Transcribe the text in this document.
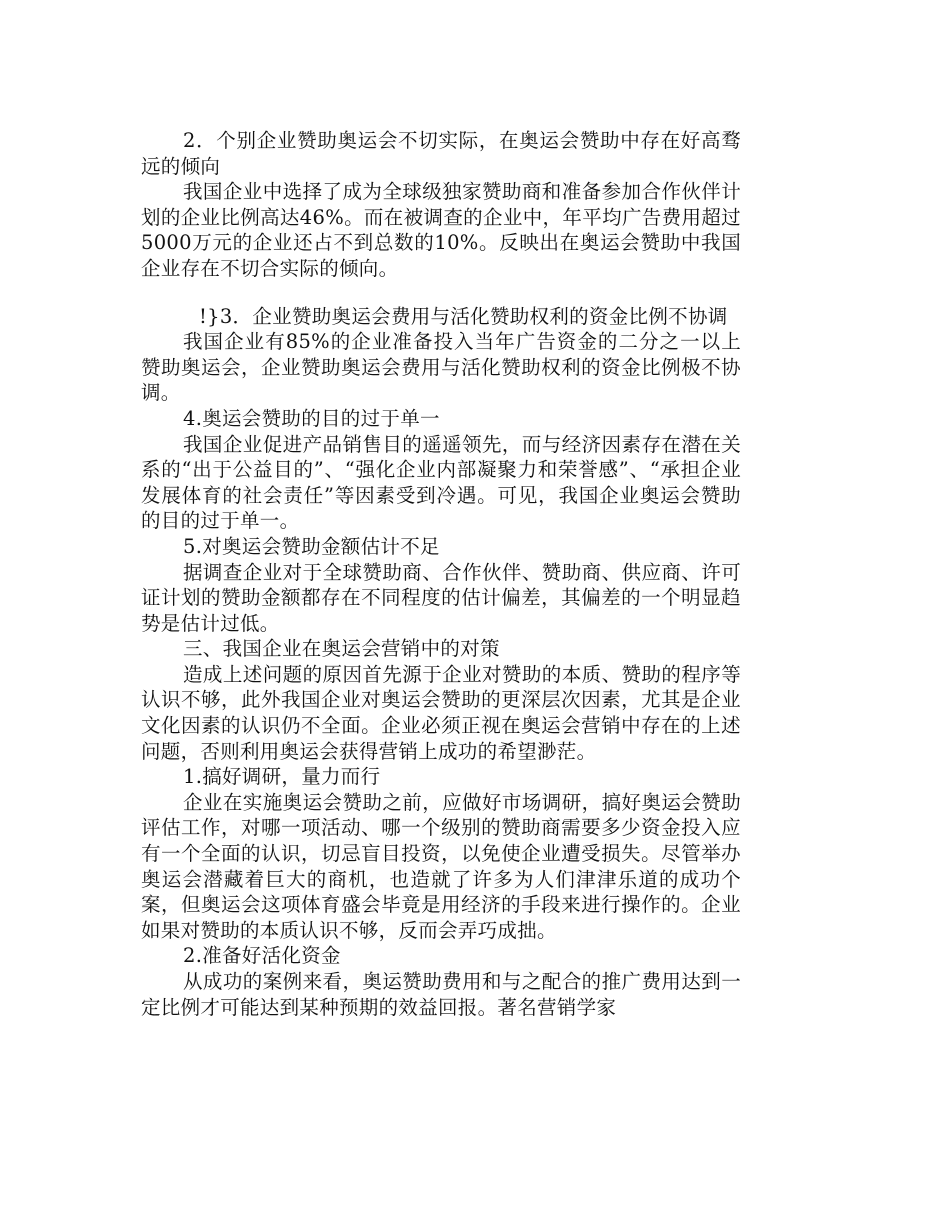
2．个别企业赞助奥运会不切实际，在奥运会赞助中存在好高骛远的倾向

我国企业中选择了成为全球级独家赞助商和准备参加合作伙伴计划的企业比例高达46%。而在被调查的企业中，年平均广告费用超过5000万元的企业还占不到总数的10%。反映出在奥运会赞助中我国企业存在不切合实际的倾向。

!}3．企业赞助奥运会费用与活化赞助权利的资金比例不协调

我国企业有85%的企业准备投入当年广告资金的二分之一以上赞助奥运会，企业赞助奥运会费用与活化赞助权利的资金比例极不协调。

4.奥运会赞助的目的过于单一

我国企业促进产品销售目的遥遥领先，而与经济因素存在潜在关系的“出于公益目的”、“强化企业内部凝聚力和荣誉感”、“承担企业发展体育的社会责任”等因素受到冷遇。可见，我国企业奥运会赞助的目的过于单一。

5.对奥运会赞助金额估计不足

据调查企业对于全球赞助商、合作伙伴、赞助商、供应商、许可证计划的赞助金额都存在不同程度的估计偏差，其偏差的一个明显趋势是估计过低。

三、我国企业在奥运会营销中的对策

造成上述问题的原因首先源于企业对赞助的本质、赞助的程序等认识不够，此外我国企业对奥运会赞助的更深层次因素，尤其是企业文化因素的认识仍不全面。企业必须正视在奥运会营销中存在的上述问题，否则利用奥运会获得营销上成功的希望渺茫。

1.搞好调研，量力而行

企业在实施奥运会赞助之前，应做好市场调研，搞好奥运会赞助评估工作，对哪一项活动、哪一个级别的赞助商需要多少资金投入应有一个全面的认识，切忌盲目投资，以免使企业遭受损失。尽管举办奥运会潜藏着巨大的商机，也造就了许多为人们津津乐道的成功个案，但奥运会这项体育盛会毕竟是用经济的手段来进行操作的。企业如果对赞助的本质认识不够，反而会弄巧成拙。

2.准备好活化资金

从成功的案例来看，奥运赞助费用和与之配合的推广费用达到一定比例才可能达到某种预期的效益回报。著名营销学家
